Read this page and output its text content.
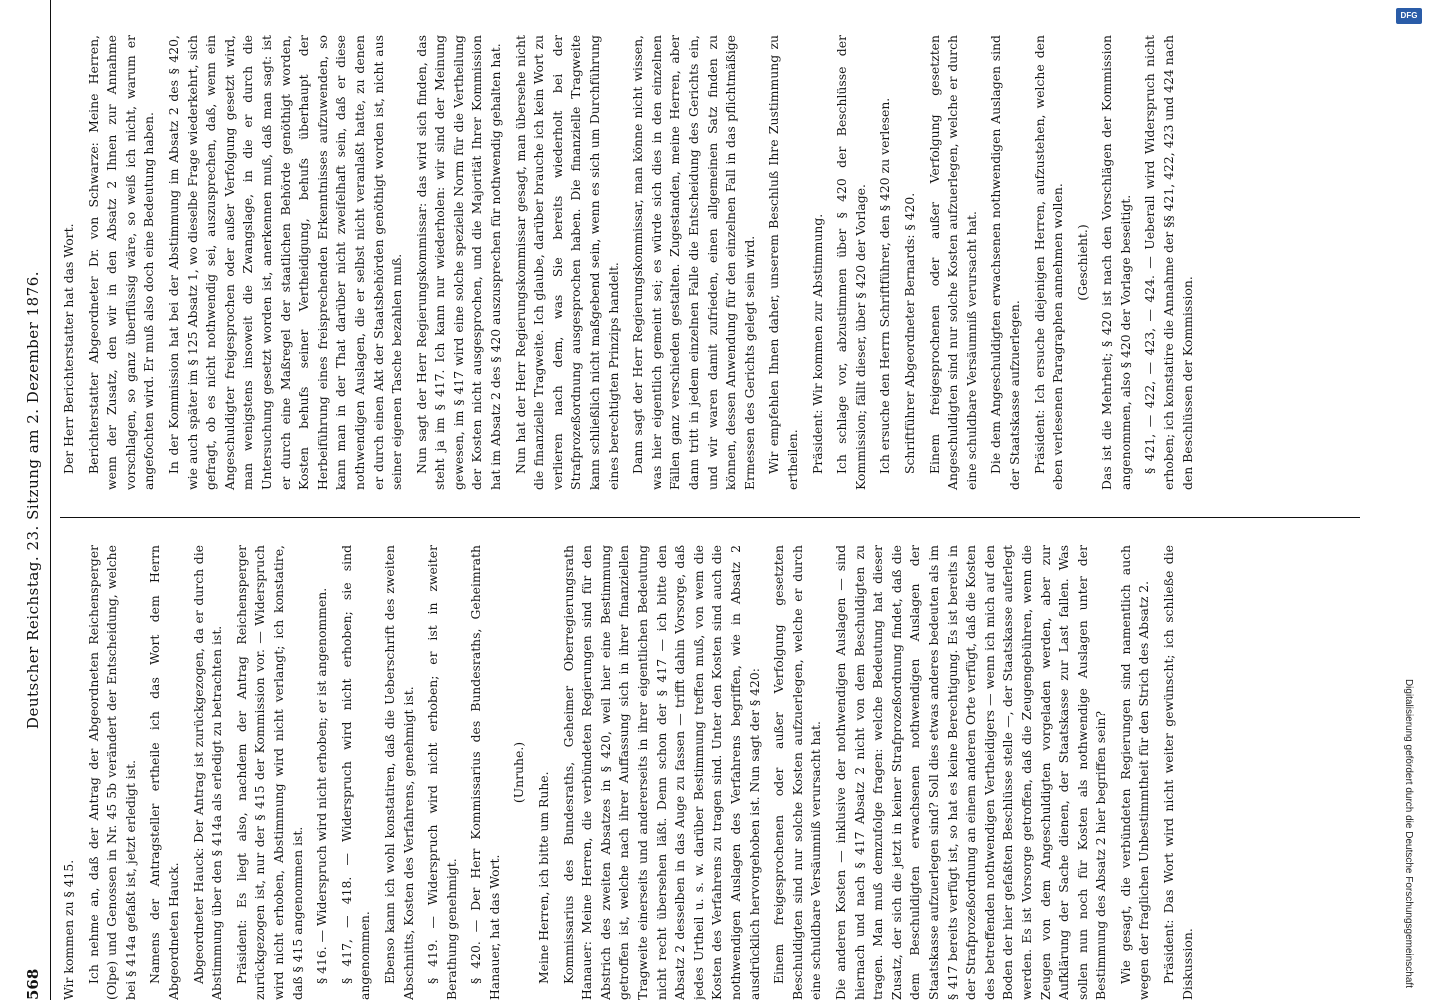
568
Deutscher Reichstag. 23. Sitzung am 2. Dezember 1876.

Wir kommen zu § 415. Ich nehme an, daß der Antrag der Abgeordneten Reichensperger (Olpe) und Genossen in Nr. 45 5b verändert der Entscheidung, welche bei § 414a gefaßt ist, jetzt erledigt ist. Namens der Antragsteller ertheile ich das Wort dem Herrn Abgeordneten Hauck. Abgeordneter Hauck: Der Antrag ist zurückgezogen, da er durch die Abstimmung über den § 414a als erledigt zu betrachten ist. Präsident: Es liegt also, nachdem der Antrag Reichensperger zurückgezogen ist, nur der § 415 der Kommission vor. — Widerspruch wird nicht erhoben, Abstimmung wird nicht verlangt; ich konstatire, daß § 415 angenommen ist. § 416. — Widerspruch wird nicht erhoben; er ist angenommen. § 417, — 418. — Widerspruch wird nicht erhoben; sie sind angenommen. Ebenso kann ich wohl konstatiren, daß die Ueberschrift des zweiten Abschnitts, Kosten des Verfahrens, genehmigt ist. § 419. — Widerspruch wird nicht erhoben; er ist in zweiter Berathung genehmigt. § 420. — Der Herr Kommissarius des Bundesraths, Geheimrath Hanauer, hat das Wort.

(Unruhe.) Meine Herren, ich bitte um Ruhe. Kommissarius des Bundesraths, Geheimer Oberregierungsrath Hanauer: Meine Herren, die verbündeten Regierungen sind für den Abstrich des zweiten Absatzes in § 420, weil hier eine Bestimmung getroffen ist, welche nach ihrer Auffassung sich in ihrer finanziellen Tragweite einerseits und andererseits in ihrer eigentlichen Bedeutung nicht recht übersehen läßt. Denn schon der § 417 — ich bitte den Absatz 2 desselben in das Auge zu fassen — trifft dahin Vorsorge, daß jedes Urtheil u. s. w. darüber Bestimmung treffen muß, von wem die Kosten des Verfahrens zu tragen sind. Unter den Kosten sind auch die nothwendigen Auslagen des Verfahrens begriffen, wie in Absatz 2 ausdrücklich hervorgehoben ist. Nun sagt der § 420: Einem freigesprochenen oder außer Verfolgung gesetzten Beschuldigten sind nur solche Kosten aufzuerlegen, welche er durch eine schuldbare Versäumniß verursacht hat. Die anderen Kosten — inklusive der nothwendigen Auslagen — sind hiernach und nach § 417 Absatz 2 nicht von dem Beschuldigten zu tragen. Man muß demzufolge fragen: welche Bedeutung hat dieser Zusatz, der sich die jetzt in keiner Strafprozeßordnung findet, daß die dem Beschuldigten erwachsenen nothwendigen Auslagen der Staatskasse aufzuerlegen sind? Soll dies etwas anderes bedeuten als im § 417 bereits verfügt ist, so hat es keine Berechtigung. Es ist bereits in der Strafprozeßordnung an einem anderen Orte verfügt, daß die Kosten des betreffenden nothwendigen Vertheidigers — wenn ich mich auf den Boden der hier gefaßten Beschlüsse stelle —, der Staatskasse auferlegt werden. Es ist Vorsorge getroffen, daß die Zeugengebühren, wenn die Zeugen von dem Angeschuldigten vorgeladen werden, aber zur Aufklärung der Sache dienen, der Staatskasse zur Last fallen. Was sollen nun noch für Kosten als nothwendige Auslagen unter der Bestimmung des Absatz 2 hier begriffen sein? Wie gesagt, die verbündeten Regierungen sind namentlich auch wegen der fraglichen Unbestimmtheit für den Strich des Absatz 2. Präsident: Das Wort wird nicht weiter gewünscht; ich schließe die Diskussion.

Der Herr Berichterstatter hat das Wort. Berichterstatter Abgeordneter Dr. von Schwarze: Meine Herren, wenn der Zusatz, den wir in den Absatz 2 Ihnen zur Annahme vorschlagen, so ganz überflüssig wäre, so weiß ich nicht, warum er angefochten wird. Er muß also doch eine Bedeutung haben. In der Kommission hat bei der Abstimmung im Absatz 2 des § 420, wie auch später im § 125 Absatz 1, wo dieselbe Frage wiederkehrt, sich gefragt, ob es nicht nothwendig sei, auszusprechen, daß, wenn ein Angeschuldigter freigesprochen oder außer Verfolgung gesetzt wird, man wenigstens insoweit die Zwangslage, in die er durch die Untersuchung gesetzt worden ist, anerkennen muß, daß man sagt: ist er durch eine Maßregel der staatlichen Behörde genöthigt worden, Kosten behufs seiner Vertheidigung, behufs überhaupt der Herbeiführung eines freisprechenden Erkenntnisses aufzuwenden, so kann man in der That darüber nicht zweifelhaft sein, daß er diese nothwendigen Auslagen, die er selbst nicht veranlaßt hatte, zu denen er durch einen Akt der Staatsbehörden genöthigt worden ist, nicht aus seiner eigenen Tasche bezahlen muß. Nun sagt der Herr Regierungskommissar: das wird sich finden, das steht ja im § 417. Ich kann nur wiederholen: wir sind der Meinung gewesen, im § 417 wird eine solche spezielle Norm für die Vertheilung der Kosten nicht ausgesprochen, und die Majorität Ihrer Kommission hat im Absatz 2 des § 420 auszusprechen für nothwendig gehalten hat. Nun hat der Herr Regierungskommissar gesagt, man übersehe nicht die finanzielle Tragweite. Ich glaube, darüber brauche ich kein Wort zu verlieren nach dem, was Sie bereits wiederholt bei der Strafprozeßordnung ausgesprochen haben. Die finanzielle Tragweite kann schließlich nicht maßgebend sein, wenn es sich um Durchführung eines berechtigten Prinzips handelt. Dann sagt der Herr Regierungskommissar, man könne nicht wissen, was hier eigentlich gemeint sei; es würde sich dies in den einzelnen Fällen ganz verschieden gestalten. Zugestanden, meine Herren, aber dann tritt in jedem einzelnen Falle die Entscheidung des Gerichts ein, und wir waren damit zufrieden, einen allgemeinen Satz finden zu können, dessen Anwendung für den einzelnen Fall in das pflichtmäßige Ermessen des Gerichts gelegt sein wird. Wir empfehlen Ihnen daher, unserem Beschluß Ihre Zustimmung zu ertheilen. Präsident: Wir kommen zur Abstimmung. Ich schlage vor, abzustimmen über § 420 der Beschlüsse der Kommission; fällt dieser, über § 420 der Vorlage. Ich ersuche den Herrn Schriftführer, den § 420 zu verlesen. Schriftführer Abgeordneter Bernards: § 420. Einem freigesprochenen oder außer Verfolgung gesetzten Angeschuldigten sind nur solche Kosten aufzuerlegen, welche er durch eine schuldbare Versäumniß verursacht hat. Die dem Angeschuldigten erwachsenen nothwendigen Auslagen sind der Staatskasse aufzuerlegen. Präsident: Ich ersuche diejenigen Herren, aufzustehen, welche den eben verlesenen Paragraphen annehmen wollen. (Geschieht.) Das ist die Mehrheit; § 420 ist nach den Vorschlägen der Kommission angenommen, also § 420 der Vorlage beseitigt. § 421, — 422, — 423, — 424. — Ueberall wird Widerspruch nicht erhoben; ich konstatire die Annahme der §§ 421, 422, 423 und 424 nach den Beschlüssen der Kommission.

Digitalisierung gefördert durch die Deutsche Forschungsgemeinschaft
DFG
